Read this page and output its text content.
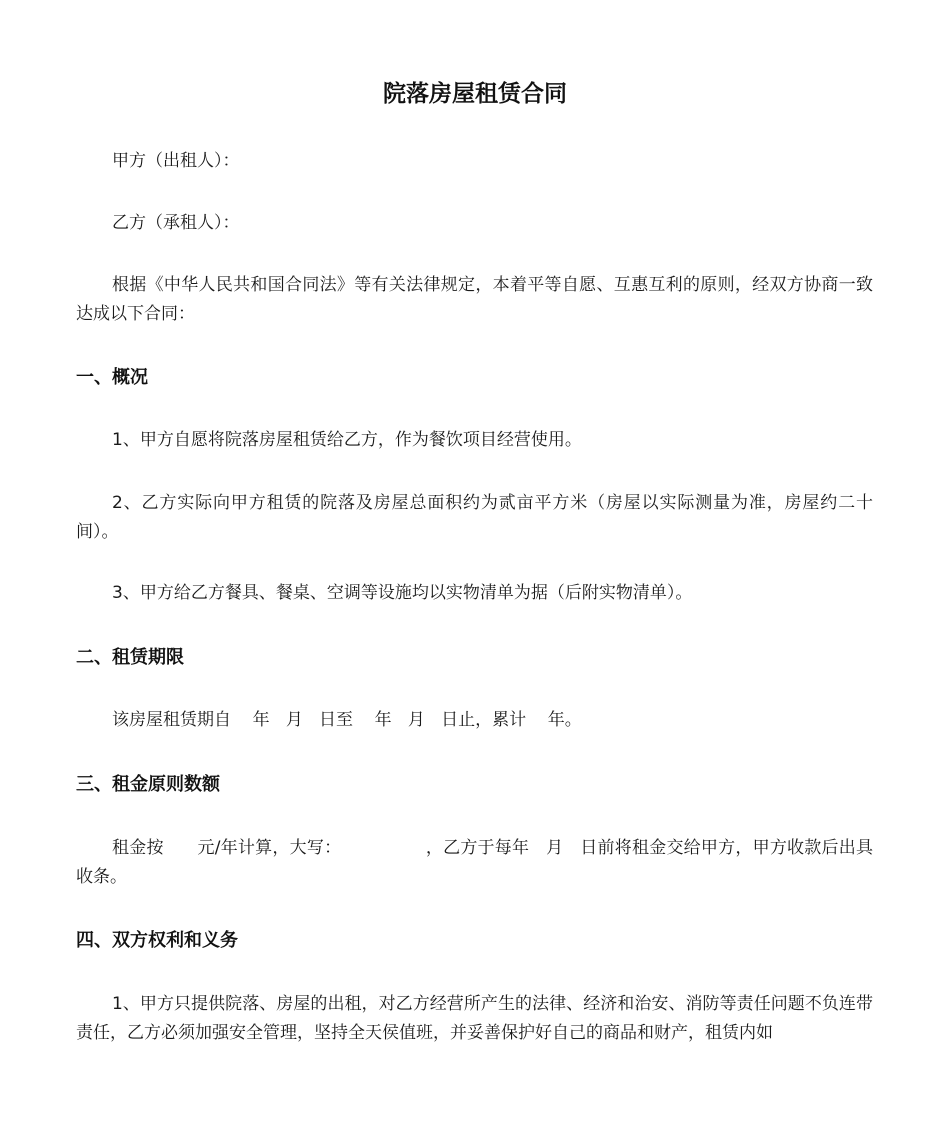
院落房屋租赁合同
甲方（出租人）：
乙方（承租人）：
根据《中华人民共和国合同法》等有关法律规定，本着平等自愿、互惠互利的原则，经双方协商一致达成以下合同：
一、概况
1、甲方自愿将院落房屋租赁给乙方，作为餐饮项目经营使用。
2、乙方实际向甲方租赁的院落及房屋总面积约为贰亩平方米（房屋以实际测量为准，房屋约二十间）。
3、甲方给乙方餐具、餐桌、空调等设施均以实物清单为据（后附实物清单）。
二、租赁期限
该房屋租赁期自    年   月   日至    年   月   日止，累计    年。
三、租金原则数额
租金按      元/年计算，大写：               ，乙方于每年   月   日前将租金交给甲方，甲方收款后出具收条。
四、双方权利和义务
1、甲方只提供院落、房屋的出租，对乙方经营所产生的法律、经济和治安、消防等责任问题不负连带责任，乙方必须加强安全管理，坚持全天侯值班，并妥善保护好自己的商品和财产，租赁内如
